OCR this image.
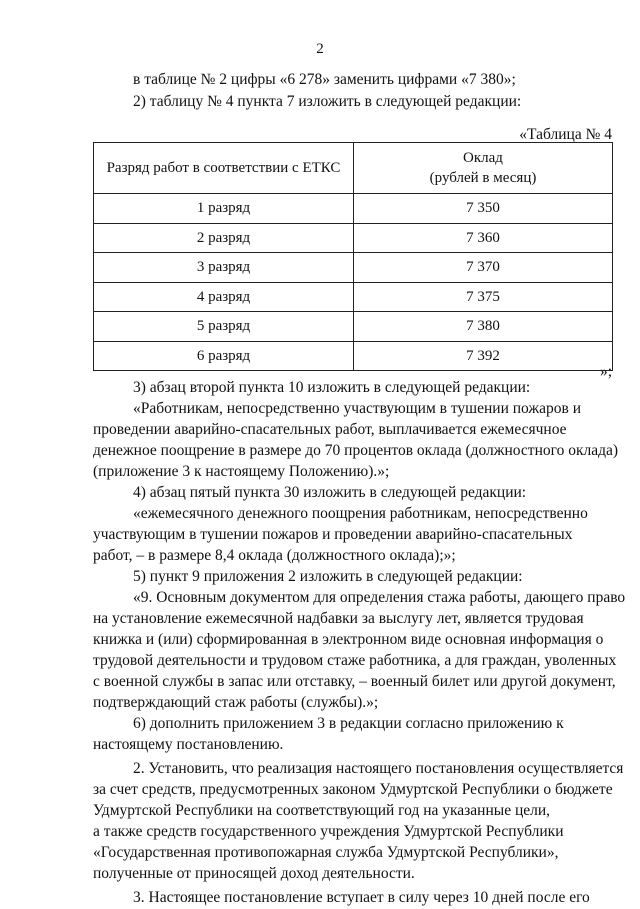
2
в таблице № 2 цифры «6 278» заменить цифрами «7 380»;
2) таблицу № 4 пункта 7 изложить в следующей редакции:
«Таблица № 4
Разряд работ в соответствии с ЕТКС	Оклад
(рублей в месяц)
1 разряд	7 350
2 разряд	7 360
3 разряд	7 370
4 разряд	7 375
5 разряд	7 380
6 разряд	7 392
»;
3) абзац второй пункта 10 изложить в следующей редакции:
«Работникам, непосредственно участвующим в тушении пожаров и
проведении аварийно-спасательных работ, выплачивается ежемесячное
денежное поощрение в размере до 70 процентов оклада (должностного оклада)
(приложение 3 к настоящему Положению).»;
4) абзац пятый пункта 30 изложить в следующей редакции:
«ежемесячного денежного поощрения работникам, непосредственно
участвующим в тушении пожаров и проведении аварийно-спасательных
работ, – в размере 8,4 оклада (должностного оклада);»;
5) пункт 9 приложения 2 изложить в следующей редакции:
«9. Основным документом для определения стажа работы, дающего право
на установление ежемесячной надбавки за выслугу лет, является трудовая
книжка и (или) сформированная в электронном виде основная информация о
трудовой деятельности и трудовом стаже работника, а для граждан, уволенных
с военной службы в запас или отставку, – военный билет или другой документ,
подтверждающий стаж работы (службы).»;
6) дополнить приложением 3 в редакции согласно приложению к
настоящему постановлению.
2. Установить, что реализация настоящего постановления осуществляется
за счет средств, предусмотренных законом Удмуртской Республики о бюджете
Удмуртской Республики на соответствующий год на указанные цели,
а также средств государственного учреждения Удмуртской Республики
«Государственная противопожарная служба Удмуртской Республики»,
полученные от приносящей доход деятельности.
3. Настоящее постановление вступает в силу через 10 дней после его
